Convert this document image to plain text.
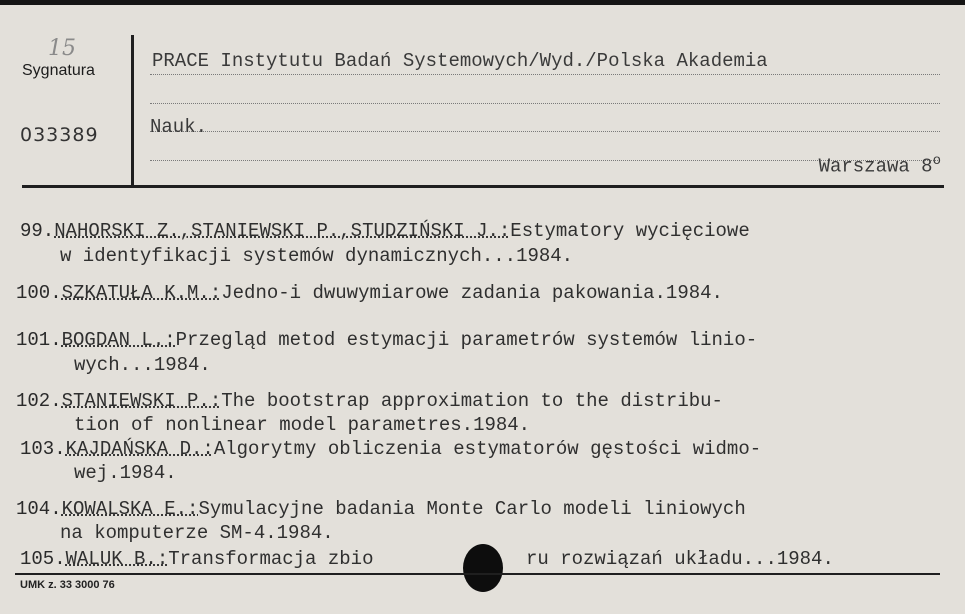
15
Sygnatura
033389
PRACE Instytutu Badań Systemowych/Wyd./Polska Akademia
Nauk.
Warszawa 8$^o$
99.NAHORSKI Z.,STANIEWSKI P.,STUDZIŃSKI J.:Estymatory wycięciowe
w identyfikacji systemów dynamicznych...1984.
100.SZKATUŁA K.M.:Jedno-i dwuwymiarowe zadania pakowania.1984.
101.BOGDAN L.:Przegląd metod estymacji parametrów systemów linio-
wych...1984.
102.STANIEWSKI P.:The bootstrap approximation to the distribu-
tion of nonlinear model parametres.1984.
103.KAJDAŃSKA D.:Algorytmy obliczenia estymatorów gęstości widmo-
wej.1984.
104.KOWALSKA E.:Symulacyjne badania Monte Carlo modeli liniowych
na komputerze SM-4.1984.
105.WALUK B.:Transformacja zbio	ru rozwiązań układu...1984.
UMK z. 33 3000 76
